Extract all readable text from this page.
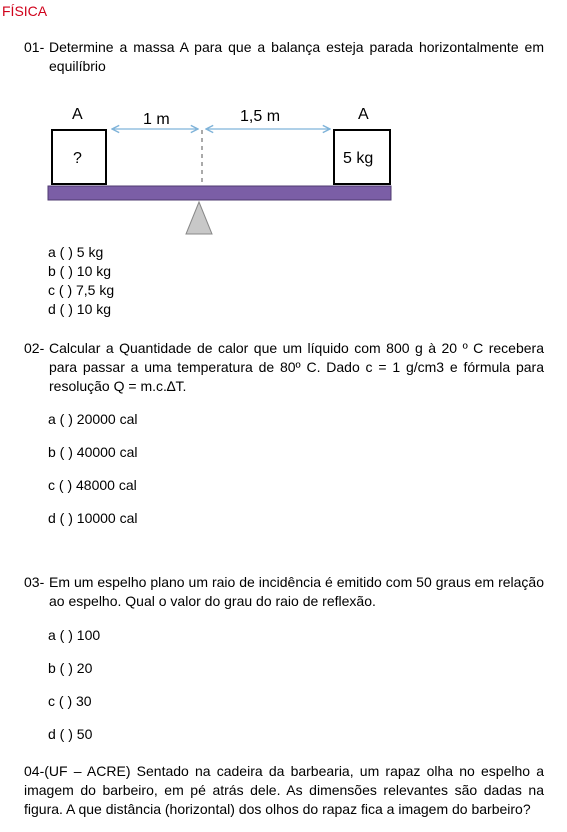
FÍSICA
01- Determine a massa A para que a balança esteja parada horizontalmente em equilíbrio
A	A
?	5 kg
1 m	1,5 m
a ( ) 5 kg
b ( ) 10 kg
c ( ) 7,5 kg
d ( ) 10 kg
02- Calcular a Quantidade de calor que um líquido com 800 g à 20 º C recebera para passar a uma temperatura de 80º C. Dado c = 1 g/cm3 e fórmula para resolução Q = m.c.∆T.
a ( ) 20000 cal
b ( ) 40000 cal
c ( ) 48000 cal
d ( ) 10000 cal
03- Em um espelho plano um raio de incidência é emitido com 50 graus em relação ao espelho. Qual o valor do grau do raio de reflexão.
a ( ) 100
b ( ) 20
c ( ) 30
d ( ) 50
04-(UF – ACRE) Sentado na cadeira da barbearia, um rapaz olha no espelho a imagem do barbeiro, em pé atrás dele. As dimensões relevantes são dadas na figura. A que distância (horizontal) dos olhos do rapaz fica a imagem do barbeiro?
